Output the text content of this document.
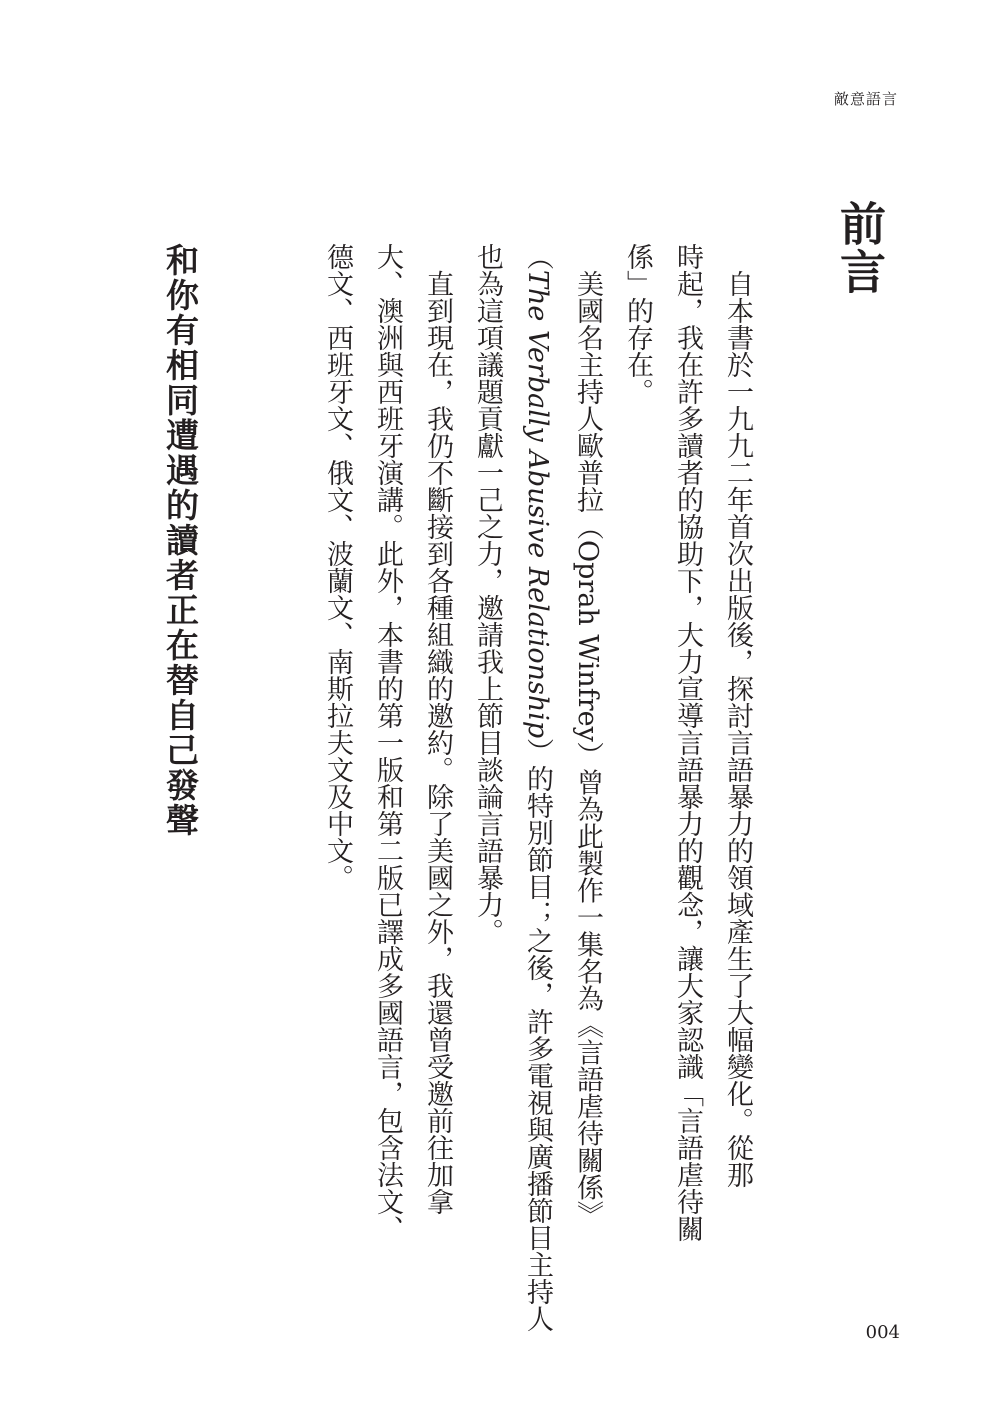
敵意語言
前言
自本書於一九九二年首次出版後，探討言語暴力的領域產生了大幅變化。從那
時起，我在許多讀者的協助下，大力宣導言語暴力的觀念，讓大家認識「言語虐待關
係」的存在。
美國名主持人歐普拉（Oprah Winfrey）曾為此製作一集名為《言語虐待關係》
（The Verbally Abusive Relationship）的特別節目；之後，許多電視與廣播節目主持人
也為這項議題貢獻一己之力，邀請我上節目談論言語暴力。
直到現在，我仍不斷接到各種組織的邀約。除了美國之外，我還曾受邀前往加拿
大、澳洲與西班牙演講。此外，本書的第一版和第二版已譯成多國語言，包含法文、
德文、西班牙文、俄文、波蘭文、南斯拉夫文及中文。
和你有相同遭遇的讀者正在替自己發聲
004
